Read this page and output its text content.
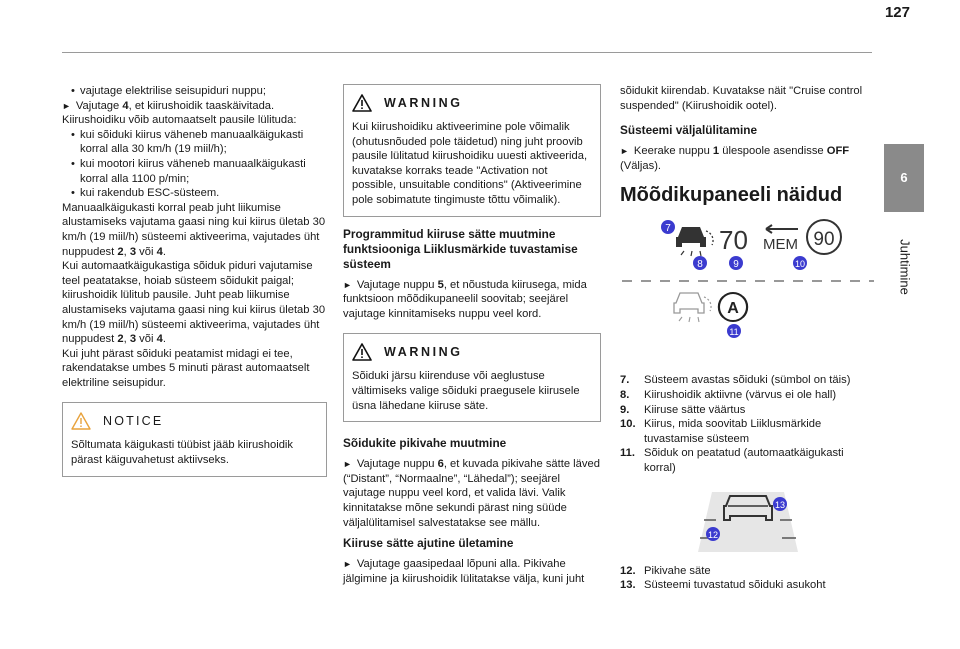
127
6
Juhtimine

• vajutage elektrilise seisupiduri nuppu;

► Vajutage 4, et kiirushoidik taaskäivitada.

Kiirushoidiku võib automaatselt pausile lülituda:

• kui sõiduki kiirus väheneb manuaalkäigukasti korral alla 30 km/h (19 miil/h);

• kui mootori kiirus väheneb manuaalkäigukasti korral alla 1100 p/min;

• kui rakendub ESC-süsteem.

Manuaalkäigukasti korral peab juht liikumise alustamiseks vajutama gaasi ning kui kiirus ületab 30 km/h (19 miil/h) süsteemi aktiveerima, vajutades üht nuppudest 2, 3 või 4.

Kui automaatkäigukastiga sõiduk piduri vajutamise teel peatatakse, hoiab süsteem sõidukit paigal; kiirushoidik lülitub pausile. Juht peab liikumise alustamiseks vajutama gaasi ning kui kiirus ületab 30 km/h (19 miil/h) süsteemi aktiveerima, vajutades üht nuppudest 2, 3 või 4.

Kui juht pärast sõiduki peatamist midagi ei tee, rakendatakse umbes 5 minuti pärast automaatselt elektriline seisupidur.

NOTICE

Sõltumata käigukasti tüübist jääb kiirushoidik pärast käiguvahetust aktiivseks.

WARNING

Kui kiirushoidiku aktiveerimine pole võimalik (ohutusnõuded pole täidetud) ning juht proovib pausile lülitatud kiirushoidiku uuesti aktiveerida, kuvatakse korraks teade "Activation not possible, unsuitable conditions" (Aktiveerimine pole sobimatute tingimuste tõttu võimalik).

Programmitud kiiruse sätte muutmine funktsiooniga Liiklusmärkide tuvastamise süsteem

► Vajutage nuppu 5, et nõustuda kiirusega, mida funktsioon mõõdikupaneelil soovitab; seejärel vajutage kinnitamiseks nuppu veel kord.

WARNING

Sõiduki järsu kiirenduse või aeglustuse vältimiseks valige sõiduki praegusele kiirusele üsna lähedane kiiruse säte.

Sõidukite pikivahe muutmine

► Vajutage nuppu 6, et kuvada pikivahe sätte läved (“Distant”, “Normaalne”, “Lähedal”); seejärel vajutage nuppu veel kord, et valida lävi. Valik kinnitatakse mõne sekundi pärast ning süüde väljalülitamisel salvestatakse see mällu.

Kiiruse sätte ajutine ületamine

► Vajutage gaasipedaal lõpuni alla. Pikivahe jälgimine ja kiirushoidik lülitatakse välja, kuni juht

sõidukit kiirendab. Kuvatakse näit "Cruise control suspended" (Kiirushoidik ootel).

Süsteemi väljalülitamine

► Keerake nuppu 1 ülespoole asendisse OFF (Väljas).

Mõõdikupaneeli näidud
70 MEM 90
7
8	9	10
A
11
7.	Süsteem avastas sõiduki (sümbol on täis)
8.	Kiirushoidik aktiivne (värvus ei ole hall)
9.	Kiiruse sätte väärtus
10. Kiirus, mida soovitab Liiklusmärkide tuvastamise süsteem
11. Sõiduk on peatatud (automaatkäigukasti korral)
12
13
12. Pikivahe säte
13. Süsteemi tuvastatud sõiduki asukoht
